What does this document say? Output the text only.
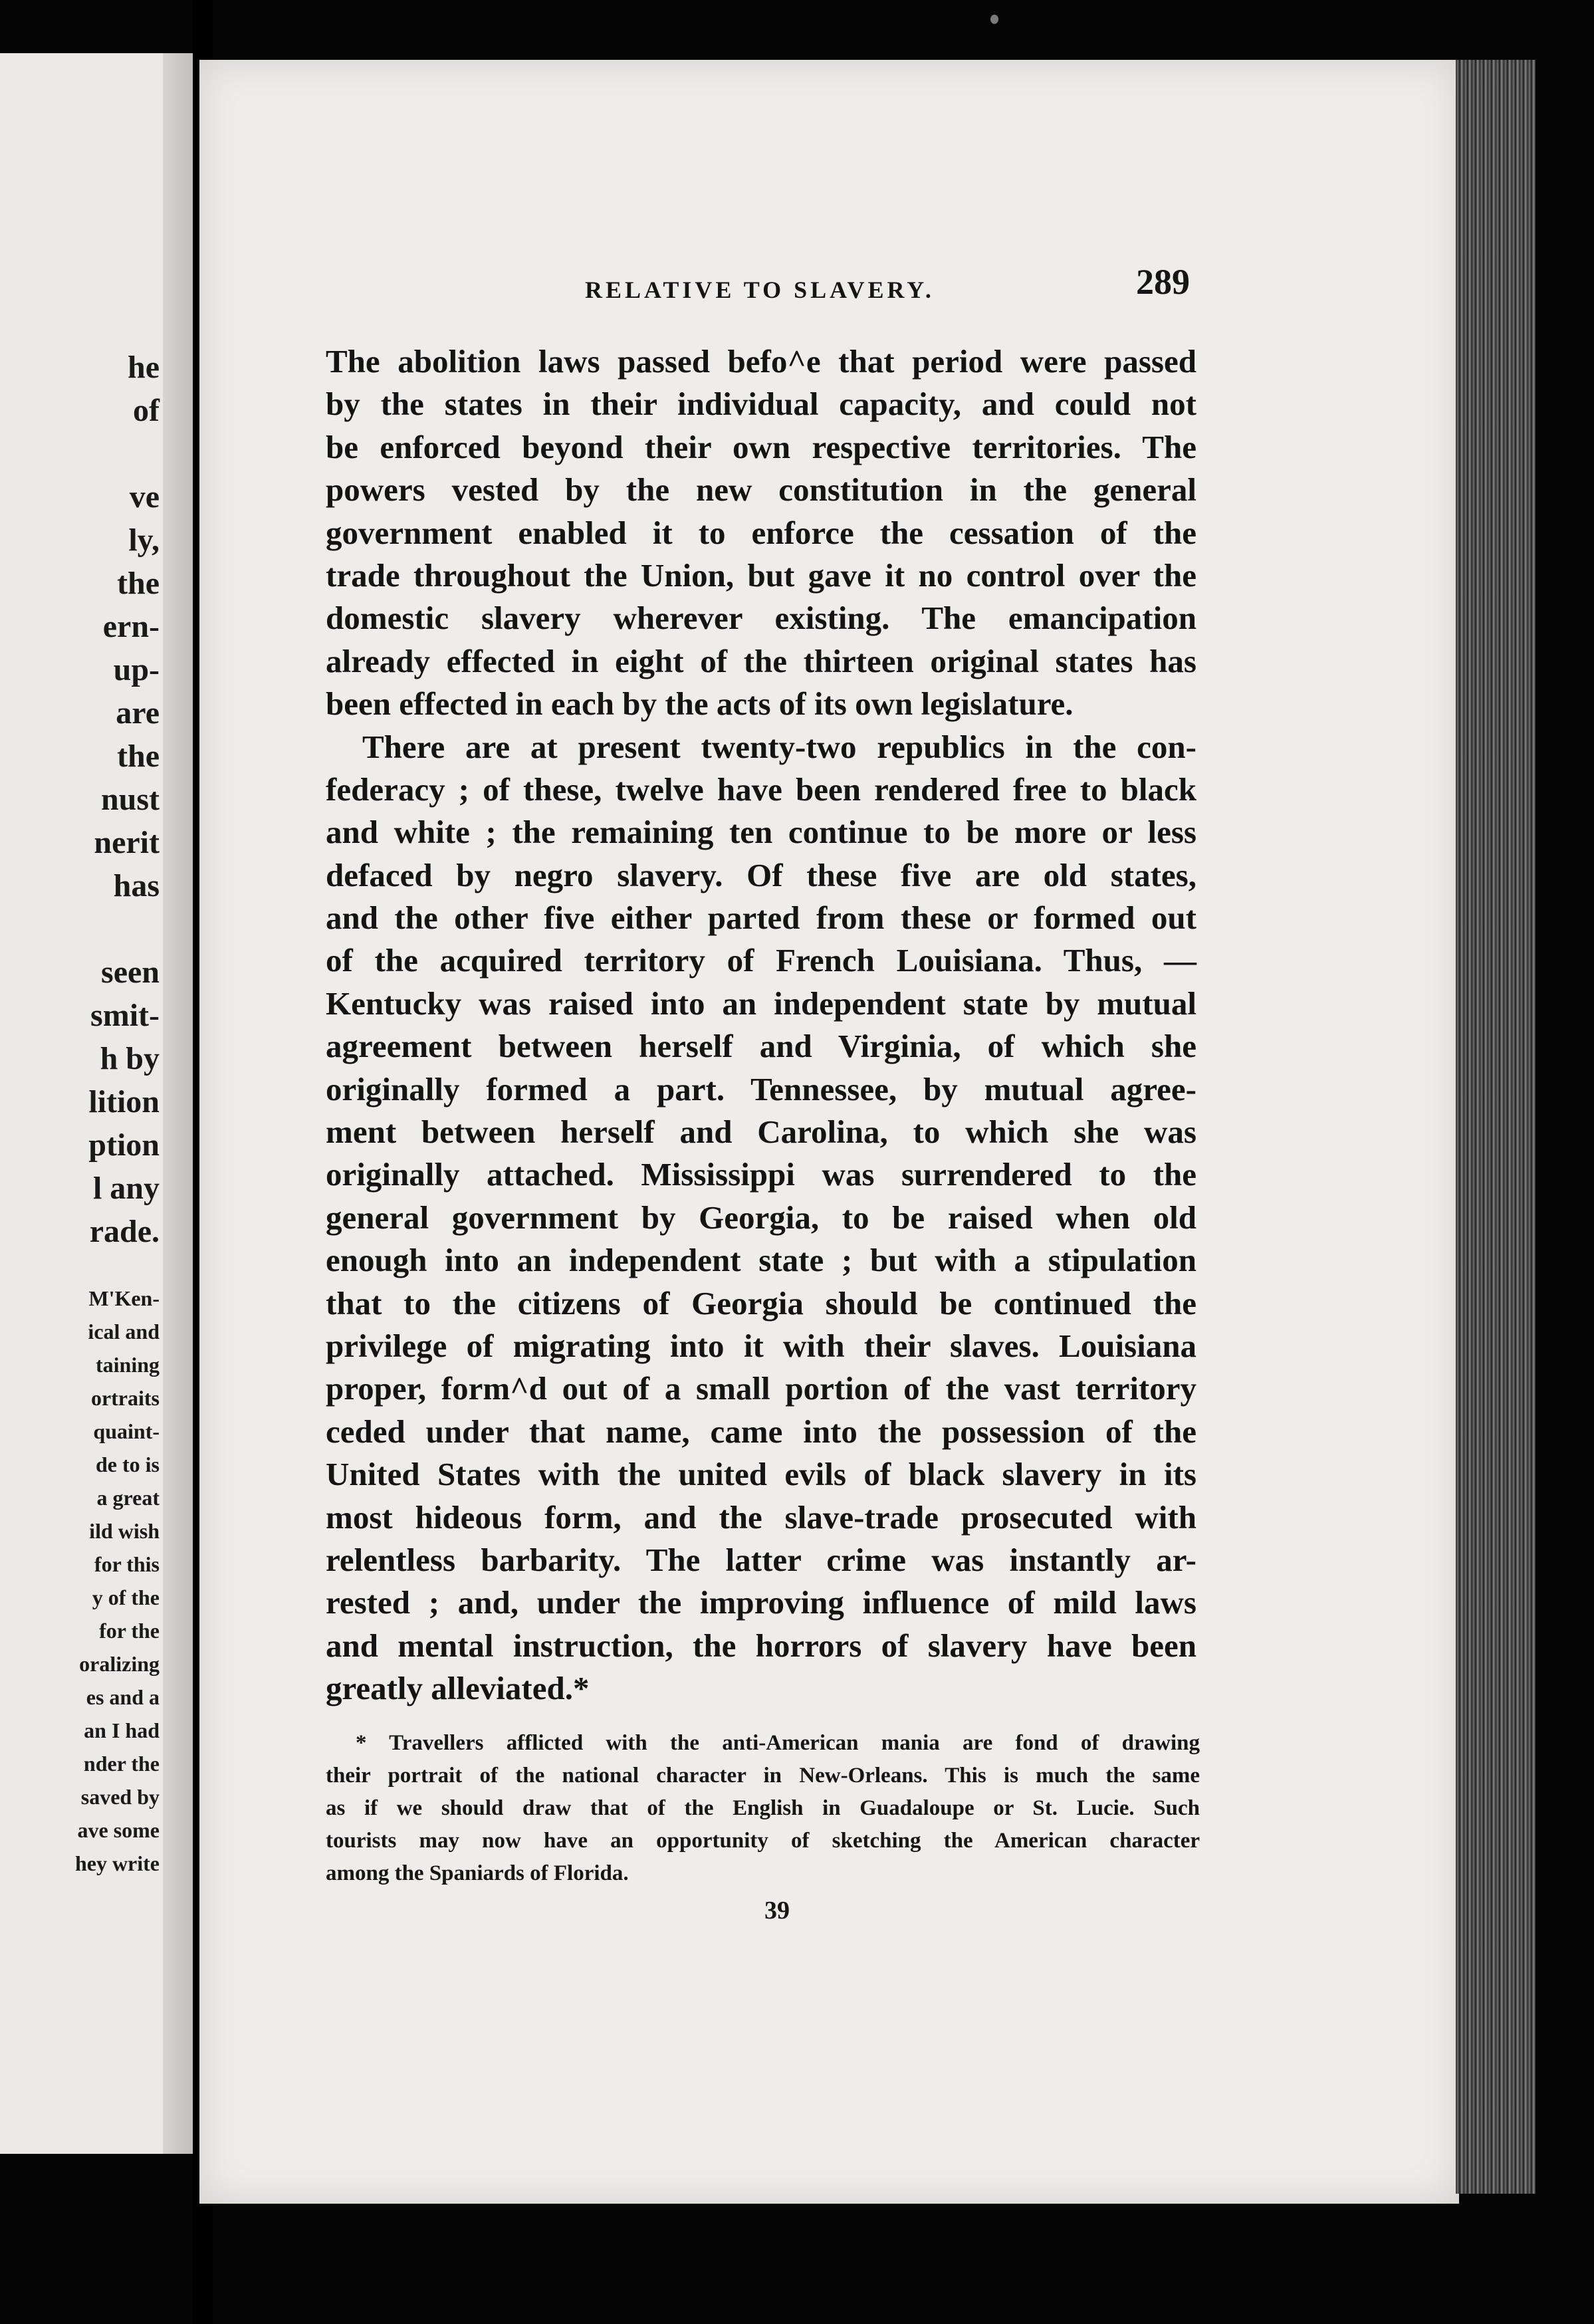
he
of
ve
ly,
the
ern-
up-
are
the
nust
nerit
has
seen
smit-
h by
lition
ption
l any
rade.
M'Ken-
ical and
taining
ortraits
quaint-
de to is
a great
ild wish
for this
y of the
for the
oralizing
es and a
an I had
nder the
saved by
ave some
hey write
RELATIVE TO SLAVERY.	289
The abolition laws passed befo^e that period were passed
by the states in their individual capacity, and could not
be enforced beyond their own respective territories. The
powers vested by the new constitution in the general
government enabled it to enforce the cessation of the
trade throughout the Union, but gave it no control over the
domestic slavery wherever existing. The emancipation
already effected in eight of the thirteen original states has
been effected in each by the acts of its own legislature.
There are at present twenty-two republics in the con-
federacy ; of these, twelve have been rendered free to black
and white ; the remaining ten continue to be more or less
defaced by negro slavery. Of these five are old states,
and the other five either parted from these or formed out
of the acquired territory of French Louisiana. Thus, —
Kentucky was raised into an independent state by mutual
agreement between herself and Virginia, of which she
originally formed a part. Tennessee, by mutual agree-
ment between herself and Carolina, to which she was
originally attached. Mississippi was surrendered to the
general government by Georgia, to be raised when old
enough into an independent state ; but with a stipulation
that to the citizens of Georgia should be continued the
privilege of migrating into it with their slaves. Louisiana
proper, form^d out of a small portion of the vast territory
ceded under that name, came into the possession of the
United States with the united evils of black slavery in its
most hideous form, and the slave-trade prosecuted with
relentless barbarity. The latter crime was instantly ar-
rested ; and, under the improving influence of mild laws
and mental instruction, the horrors of slavery have been
greatly alleviated.*
* Travellers afflicted with the anti-American mania are fond of drawing
their portrait of the national character in New-Orleans. This is much the same
as if we should draw that of the English in Guadaloupe or St. Lucie. Such
tourists may now have an opportunity of sketching the American character
among the Spaniards of Florida.
39
